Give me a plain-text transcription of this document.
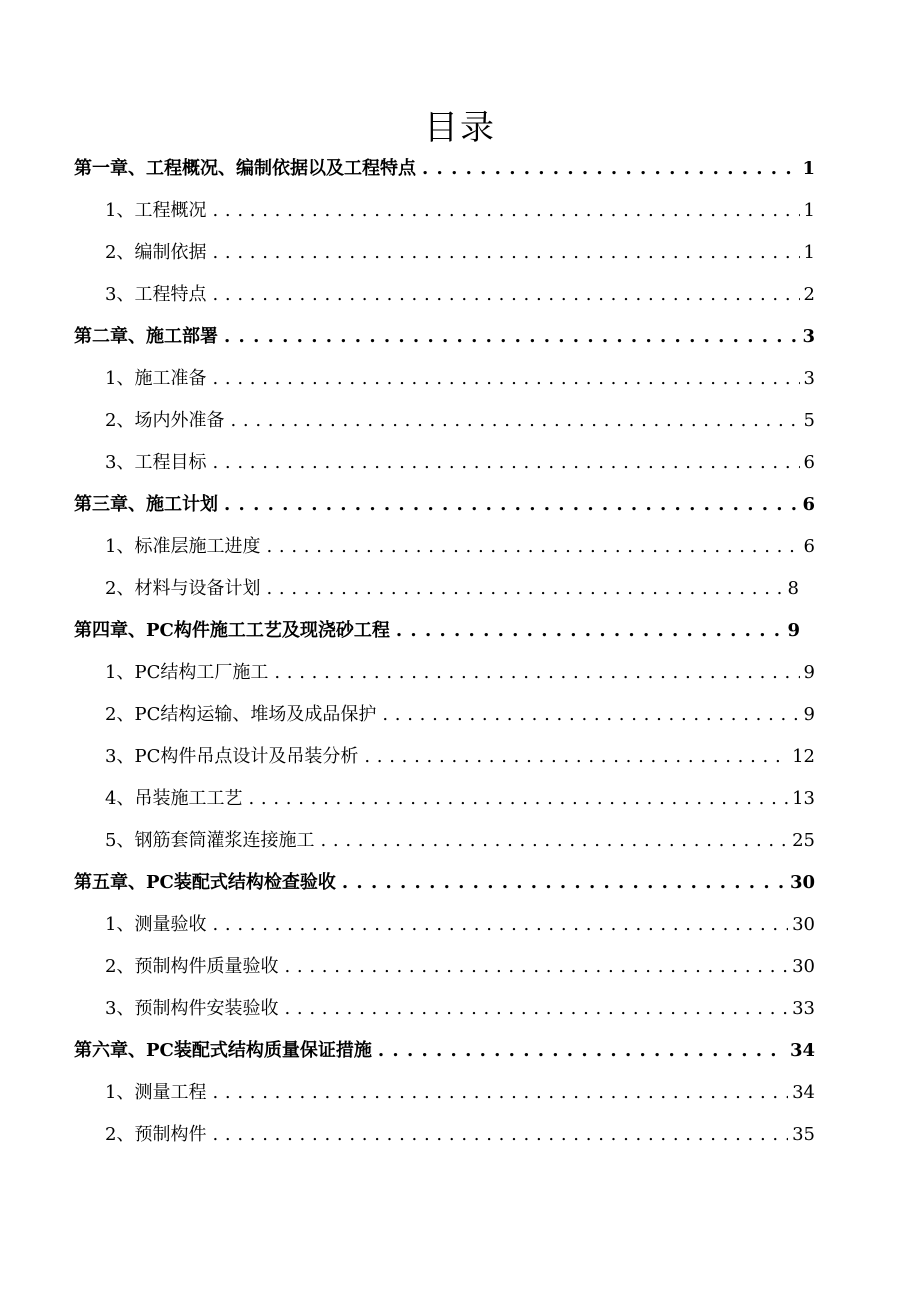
目录
第一章、工程概况、编制依据以及工程特点 . . .	1
1、工程概况 . . .	1
2、编制依据 . . .	1
3、工程特点 . . .	2
第二章、施工部署 . . .	3
1、施工准备 . . .	3
2、场内外准备 . . .	5
3、工程目标 . . .	6
第三章、施工计划 . . .	6
1、标准层施工进度 . . .	6
2、材料与设备计划 . . .	8
第四章、PC构件施工工艺及现浇砂工程 . . .	9
1、PC结构工厂施工 . . .	9
2、PC结构运输、堆场及成品保护 . . .	9
3、PC构件吊点设计及吊装分析 . . .	12
4、吊装施工工艺 . . .	13
5、钢筋套筒灌浆连接施工 . . .	25
第五章、PC装配式结构检查验收 . . .	30
1、测量验收 . . .	30
2、预制构件质量验收 . . .	30
3、预制构件安装验收 . . .	33
第六章、PC装配式结构质量保证措施 . . .	34
1、测量工程 . . .	34
2、预制构件 . . .	35
